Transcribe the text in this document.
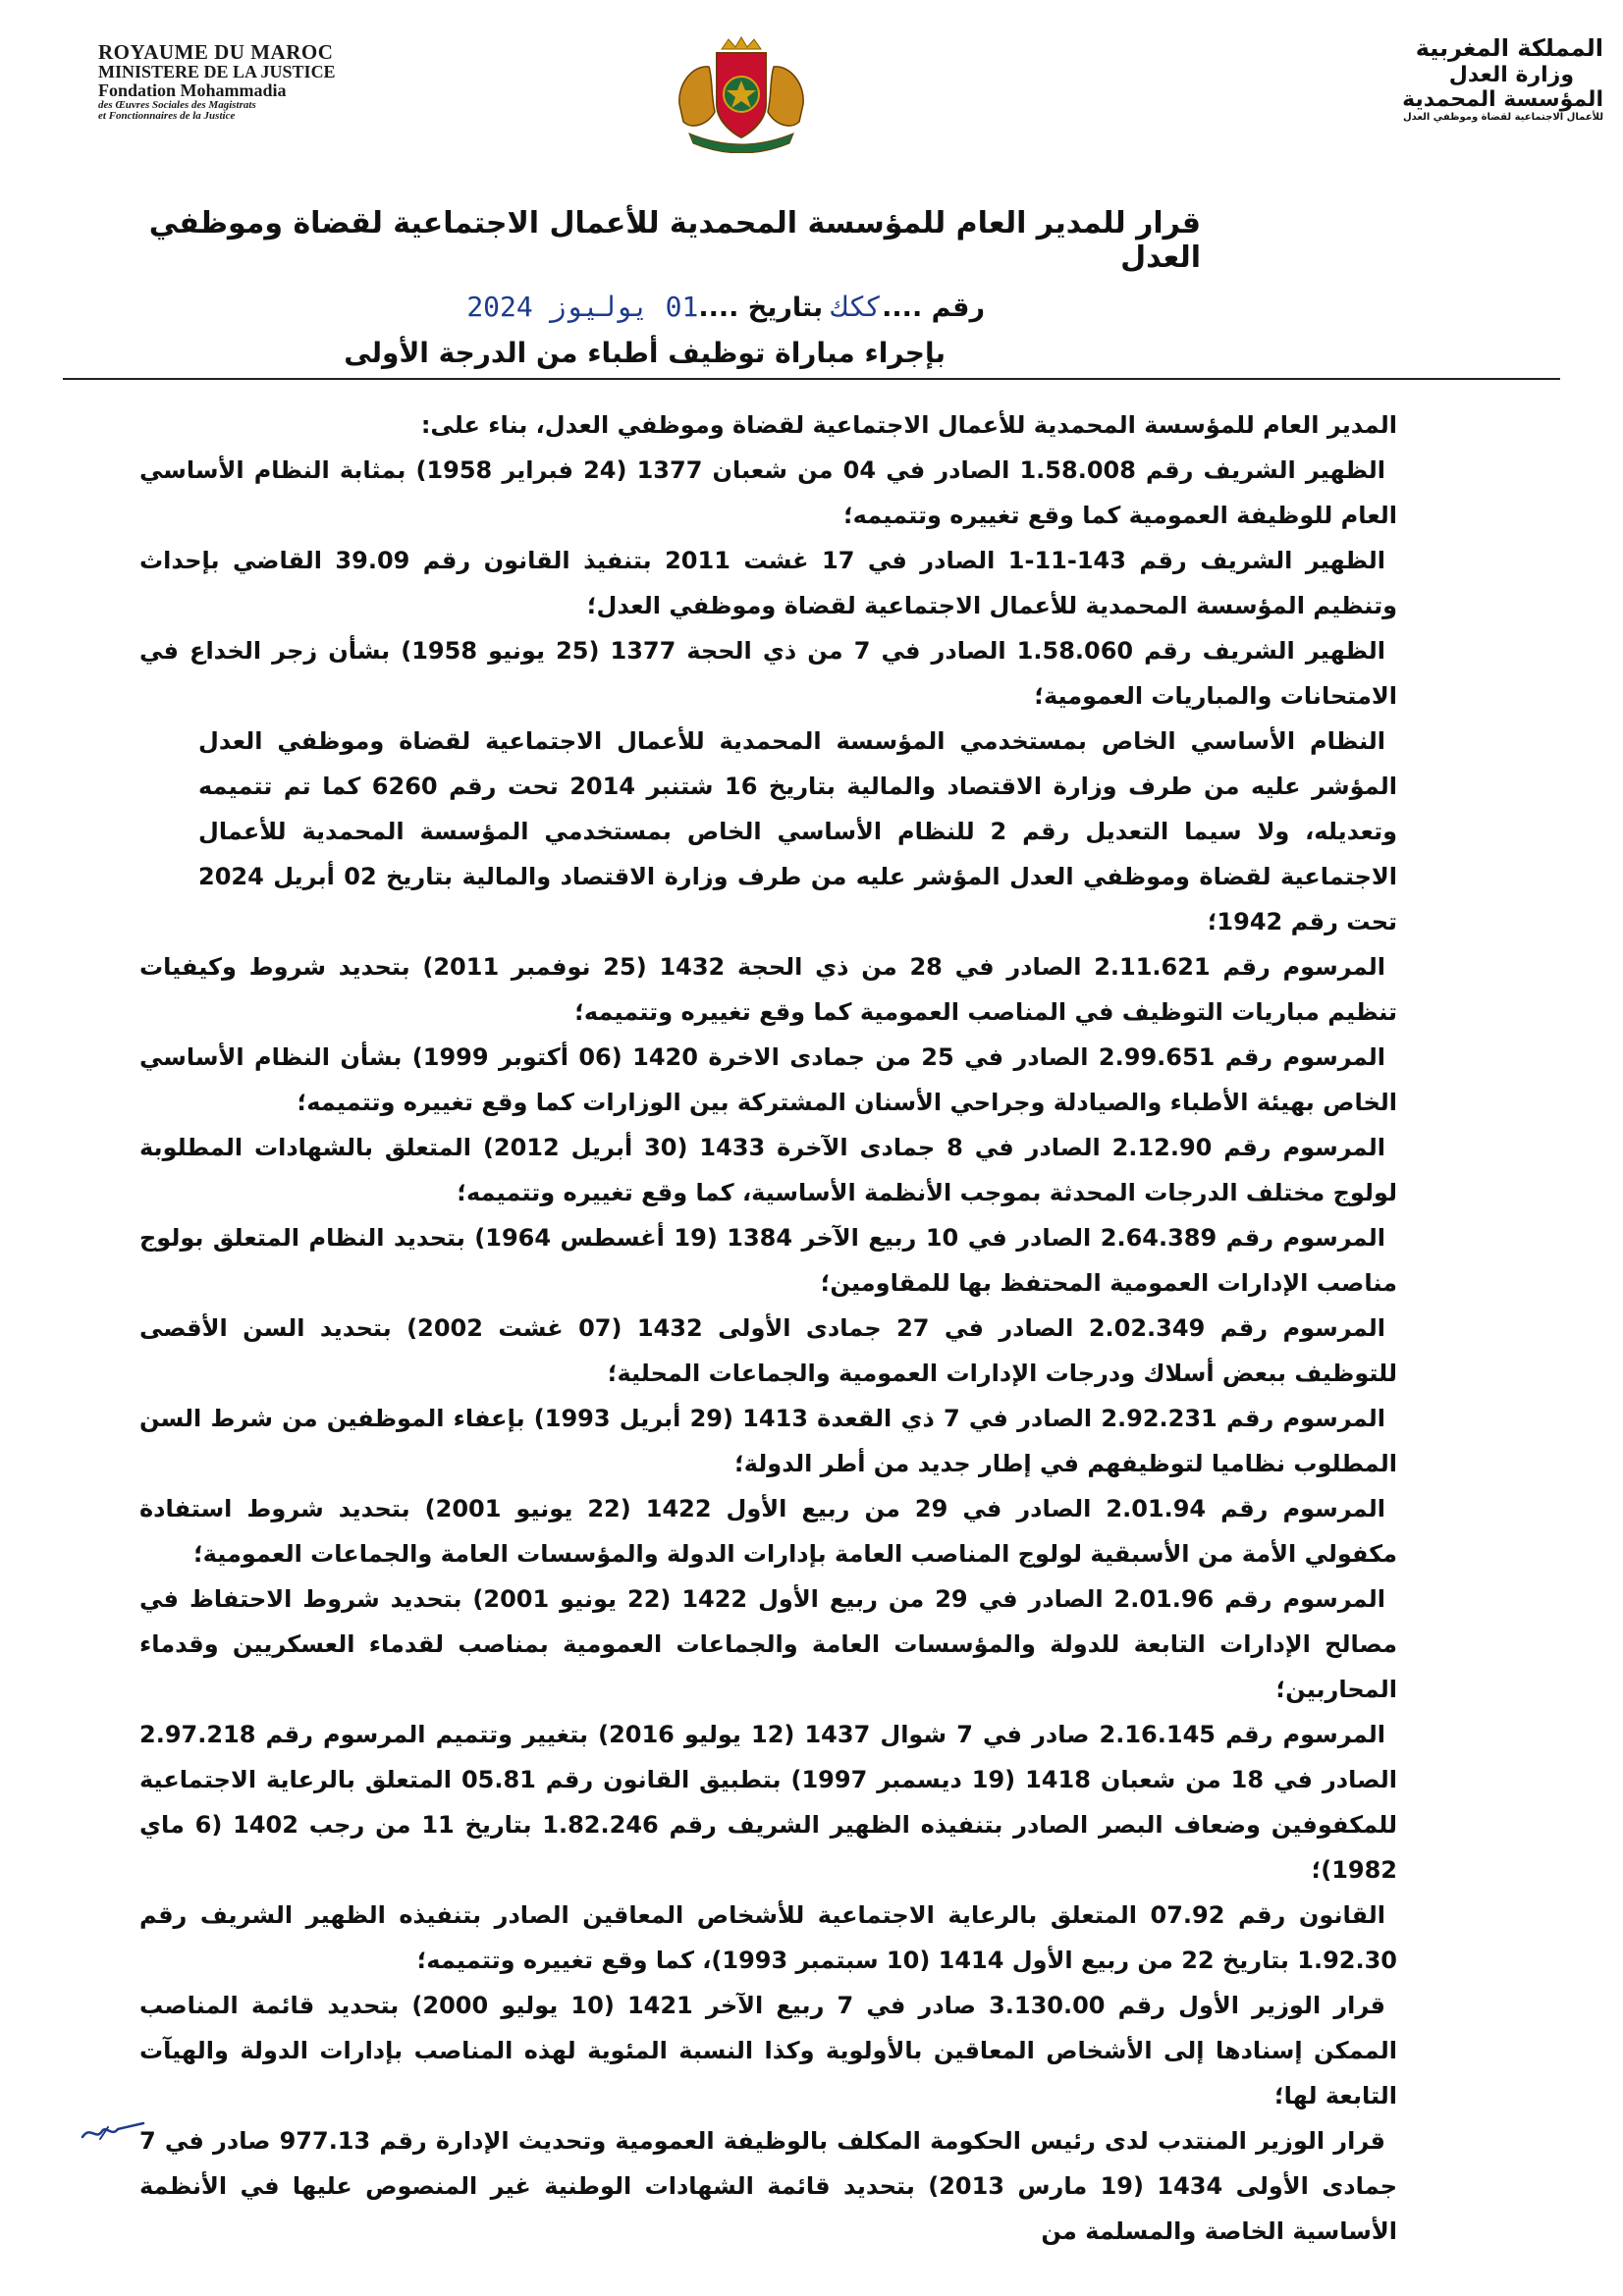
ROYAUME DU MAROC
MINISTERE DE LA JUSTICE
Fondation Mohammadia
des Œuvres Sociales des Magistrats
et Fonctionnaires de la Justice
المملكة المغربية
وزارة العدل
المؤسسة المحمدية
للأعمال الاجتماعية لقضاة وموظفي العدل
قرار للمدير العام للمؤسسة المحمدية للأعمال الاجتماعية لقضاة وموظفي العدل
رقم ....ككك بتاريخ ....01 يوليوز 2024
بإجراء مباراة توظيف أطباء من الدرجة الأولى

المدير العام للمؤسسة المحمدية للأعمال الاجتماعية لقضاة وموظفي العدل، بناء على:

الظهير الشريف رقم 1.58.008 الصادر في 04 من شعبان 1377 (24 فبراير 1958) بمثابة النظام الأساسي العام للوظيفة العمومية كما وقع تغييره وتتميمه؛

الظهير الشريف رقم 143-11-1 الصادر في 17 غشت 2011 بتنفيذ القانون رقم 39.09 القاضي بإحداث وتنظيم المؤسسة المحمدية للأعمال الاجتماعية لقضاة وموظفي العدل؛

الظهير الشريف رقم 1.58.060 الصادر في 7 من ذي الحجة 1377 (25 يونيو 1958) بشأن زجر الخداع في الامتحانات والمباريات العمومية؛

النظام الأساسي الخاص بمستخدمي المؤسسة المحمدية للأعمال الاجتماعية لقضاة وموظفي العدل المؤشر عليه من طرف وزارة الاقتصاد والمالية بتاريخ 16 شتنبر 2014 تحت رقم 6260 كما تم تتميمه وتعديله، ولا سيما التعديل رقم 2 للنظام الأساسي الخاص بمستخدمي المؤسسة المحمدية للأعمال الاجتماعية لقضاة وموظفي العدل المؤشر عليه من طرف وزارة الاقتصاد والمالية بتاريخ 02 أبريل 2024 تحت رقم 1942؛

المرسوم رقم 2.11.621 الصادر في 28 من ذي الحجة 1432 (25 نوفمبر 2011) بتحديد شروط وكيفيات تنظيم مباريات التوظيف في المناصب العمومية كما وقع تغييره وتتميمه؛

المرسوم رقم 2.99.651 الصادر في 25 من جمادى الاخرة 1420 (06 أكتوبر 1999) بشأن النظام الأساسي الخاص بهيئة الأطباء والصيادلة وجراحي الأسنان المشتركة بين الوزارات كما وقع تغييره وتتميمه؛

المرسوم رقم 2.12.90 الصادر في 8 جمادى الآخرة 1433 (30 أبريل 2012) المتعلق بالشهادات المطلوبة لولوج مختلف الدرجات المحدثة بموجب الأنظمة الأساسية، كما وقع تغييره وتتميمه؛

المرسوم رقم 2.64.389 الصادر في 10 ربيع الآخر 1384 (19 أغسطس 1964) بتحديد النظام المتعلق بولوج مناصب الإدارات العمومية المحتفظ بها للمقاومين؛

المرسوم رقم 2.02.349 الصادر في 27 جمادى الأولى 1432 (07 غشت 2002) بتحديد السن الأقصى للتوظيف ببعض أسلاك ودرجات الإدارات العمومية والجماعات المحلية؛

المرسوم رقم 2.92.231 الصادر في 7 ذي القعدة 1413 (29 أبريل 1993) بإعفاء الموظفين من شرط السن المطلوب نظاميا لتوظيفهم في إطار جديد من أطر الدولة؛

المرسوم رقم 2.01.94 الصادر في 29 من ربيع الأول 1422 (22 يونيو 2001) بتحديد شروط استفادة مكفولي الأمة من الأسبقية لولوج المناصب العامة بإدارات الدولة والمؤسسات العامة والجماعات العمومية؛

المرسوم رقم 2.01.96 الصادر في 29 من ربيع الأول 1422 (22 يونيو 2001) بتحديد شروط الاحتفاظ في مصالح الإدارات التابعة للدولة والمؤسسات العامة والجماعات العمومية بمناصب لقدماء العسكريين وقدماء المحاربين؛

المرسوم رقم 2.16.145 صادر في 7 شوال 1437 (12 يوليو 2016) بتغيير وتتميم المرسوم رقم 2.97.218 الصادر في 18 من شعبان 1418 (19 ديسمبر 1997) بتطبيق القانون رقم 05.81 المتعلق بالرعاية الاجتماعية للمكفوفين وضعاف البصر الصادر بتنفيذه الظهير الشريف رقم 1.82.246 بتاريخ 11 من رجب 1402 (6 ماي 1982)؛

القانون رقم 07.92 المتعلق بالرعاية الاجتماعية للأشخاص المعاقين الصادر بتنفيذه الظهير الشريف رقم 1.92.30 بتاريخ 22 من ربيع الأول 1414 (10 سبتمبر 1993)، كما وقع تغييره وتتميمه؛

قرار الوزير الأول رقم 3.130.00 صادر في 7 ربيع الآخر 1421 (10 يوليو 2000) بتحديد قائمة المناصب الممكن إسنادها إلى الأشخاص المعاقين بالأولوية وكذا النسبة المئوية لهذه المناصب بإدارات الدولة والهيآت التابعة لها؛

قرار الوزير المنتدب لدى رئيس الحكومة المكلف بالوظيفة العمومية وتحديث الإدارة رقم 977.13 صادر في 7 جمادى الأولى 1434 (19 مارس 2013) بتحديد قائمة الشهادات الوطنية غير المنصوص عليها في الأنظمة الأساسية الخاصة والمسلمة من
